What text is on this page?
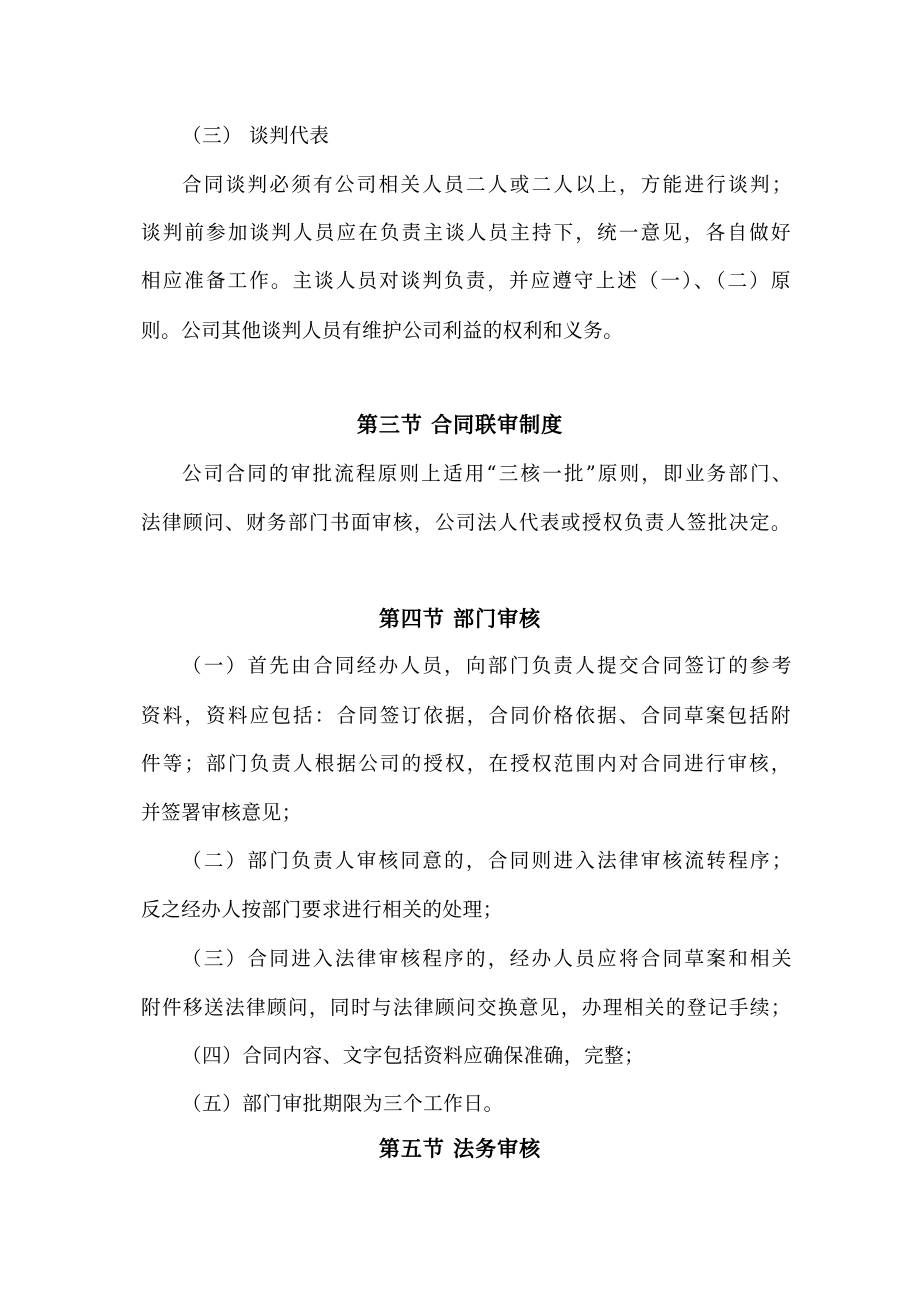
（三） 谈判代表
合同谈判必须有公司相关人员二人或二人以上，方能进行谈判；
谈判前参加谈判人员应在负责主谈人员主持下，统一意见，各自做好
相应准备工作。主谈人员对谈判负责，并应遵守上述（一）、（二）原
则。公司其他谈判人员有维护公司利益的权利和义务。
第三节 合同联审制度
公司合同的审批流程原则上适用“三核一批”原则，即业务部门、
法律顾问、财务部门书面审核，公司法人代表或授权负责人签批决定。
第四节 部门审核
（一）首先由合同经办人员，向部门负责人提交合同签订的参考
资料，资料应包括：合同签订依据，合同价格依据、合同草案包括附
件等；部门负责人根据公司的授权，在授权范围内对合同进行审核，
并签署审核意见；
（二）部门负责人审核同意的，合同则进入法律审核流转程序；
反之经办人按部门要求进行相关的处理；
（三）合同进入法律审核程序的，经办人员应将合同草案和相关
附件移送法律顾问，同时与法律顾问交换意见，办理相关的登记手续；
（四）合同内容、文字包括资料应确保准确，完整；
（五）部门审批期限为三个工作日。
第五节 法务审核
